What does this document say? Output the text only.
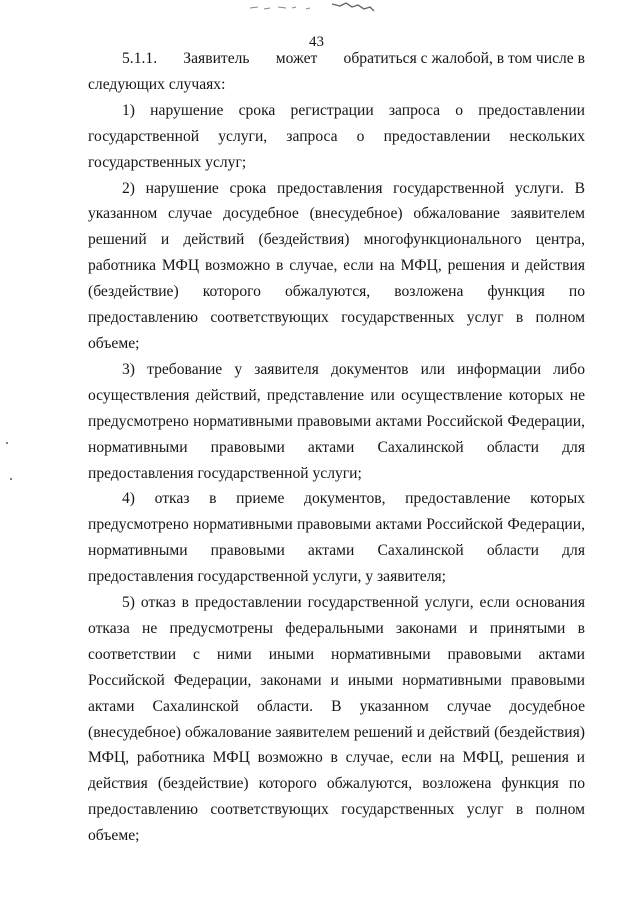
43
5.1.1. Заявитель может обратиться с жалобой, в том числе в

следующих случаях:

1) нарушение срока регистрации запроса о предоставлении государственной услуги, запроса о предоставлении нескольких государственных услуг;

2) нарушение срока предоставления государственной услуги. В указанном случае досудебное (внесудебное) обжалование заявителем решений и действий (бездействия) многофункционального центра, работника МФЦ возможно в случае, если на МФЦ, решения и действия (бездействие) которого обжалуются, возложена функция по предоставлению соответствующих государственных услуг в полном объеме;

3) требование у заявителя документов или информации либо осуществления действий, представление или осуществление которых не предусмотрено нормативными правовыми актами Российской Федерации, нормативными правовыми актами Сахалинской области для предоставления государственной услуги;

4) отказ в приеме документов, предоставление которых предусмотрено нормативными правовыми актами Российской Федерации, нормативными правовыми актами Сахалинской области для предоставления государственной услуги, у заявителя;

5) отказ в предоставлении государственной услуги, если основания отказа не предусмотрены федеральными законами и принятыми в соответствии с ними иными нормативными правовыми актами Российской Федерации, законами и иными нормативными правовыми актами Сахалинской области. В указанном случае досудебное (внесудебное) обжалование заявителем решений и действий (бездействия) МФЦ, работника МФЦ возможно в случае, если на МФЦ, решения и действия (бездействие) которого обжалуются, возложена функция по предоставлению соответствующих государственных услуг в полном объеме;
